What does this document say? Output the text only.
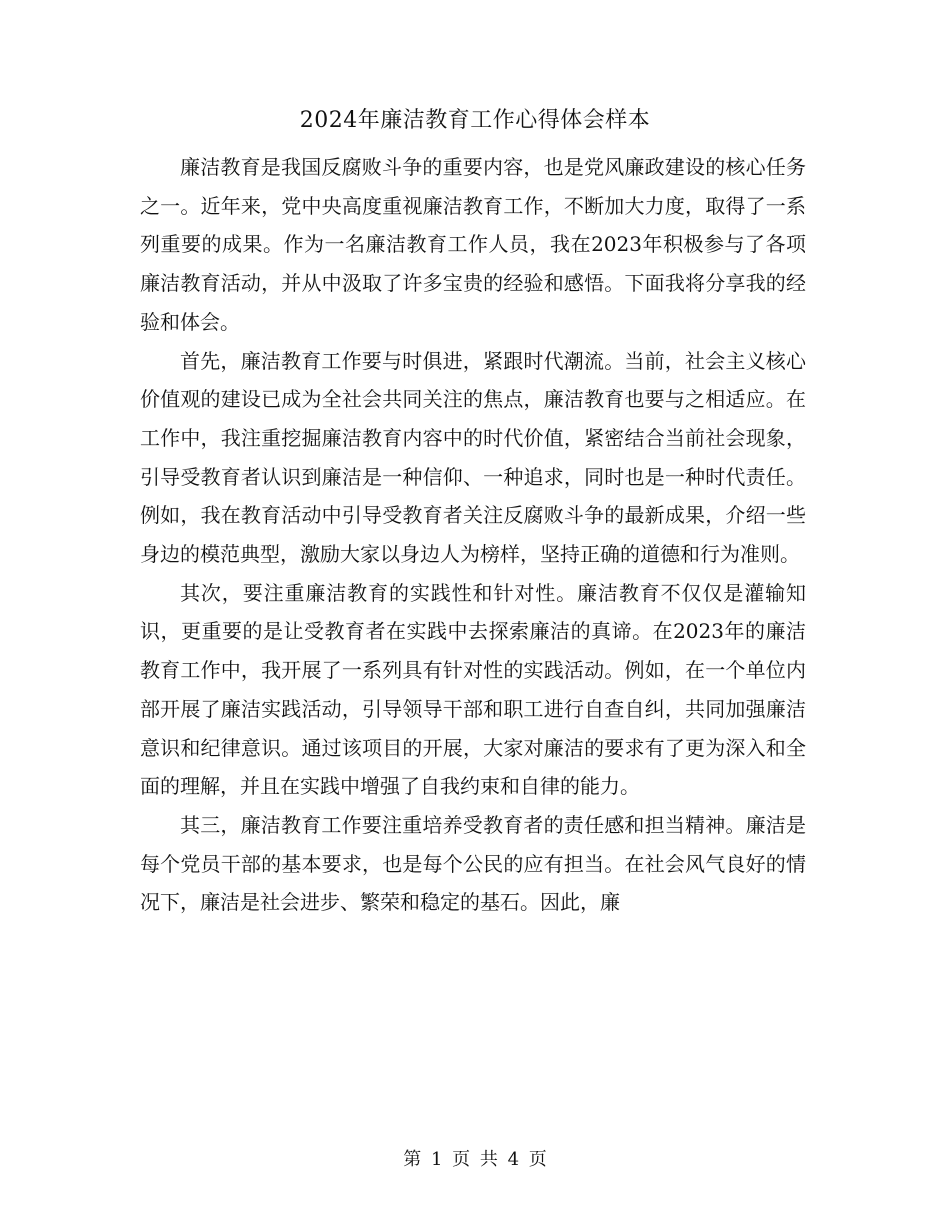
2024年廉洁教育工作心得体会样本

廉洁教育是我国反腐败斗争的重要内容，也是党风廉政建设的核心任务之一。近年来，党中央高度重视廉洁教育工作，不断加大力度，取得了一系列重要的成果。作为一名廉洁教育工作人员，我在2023年积极参与了各项廉洁教育活动，并从中汲取了许多宝贵的经验和感悟。下面我将分享我的经验和体会。

首先，廉洁教育工作要与时俱进，紧跟时代潮流。当前，社会主义核心价值观的建设已成为全社会共同关注的焦点，廉洁教育也要与之相适应。在工作中，我注重挖掘廉洁教育内容中的时代价值，紧密结合当前社会现象，引导受教育者认识到廉洁是一种信仰、一种追求，同时也是一种时代责任。例如，我在教育活动中引导受教育者关注反腐败斗争的最新成果，介绍一些身边的模范典型，激励大家以身边人为榜样，坚持正确的道德和行为准则。

其次，要注重廉洁教育的实践性和针对性。廉洁教育不仅仅是灌输知识，更重要的是让受教育者在实践中去探索廉洁的真谛。在2023年的廉洁教育工作中，我开展了一系列具有针对性的实践活动。例如，在一个单位内部开展了廉洁实践活动，引导领导干部和职工进行自查自纠，共同加强廉洁意识和纪律意识。通过该项目的开展，大家对廉洁的要求有了更为深入和全面的理解，并且在实践中增强了自我约束和自律的能力。

其三，廉洁教育工作要注重培养受教育者的责任感和担当精神。廉洁是每个党员干部的基本要求，也是每个公民的应有担当。在社会风气良好的情况下，廉洁是社会进步、繁荣和稳定的基石。因此，廉

第 1 页 共 4 页
